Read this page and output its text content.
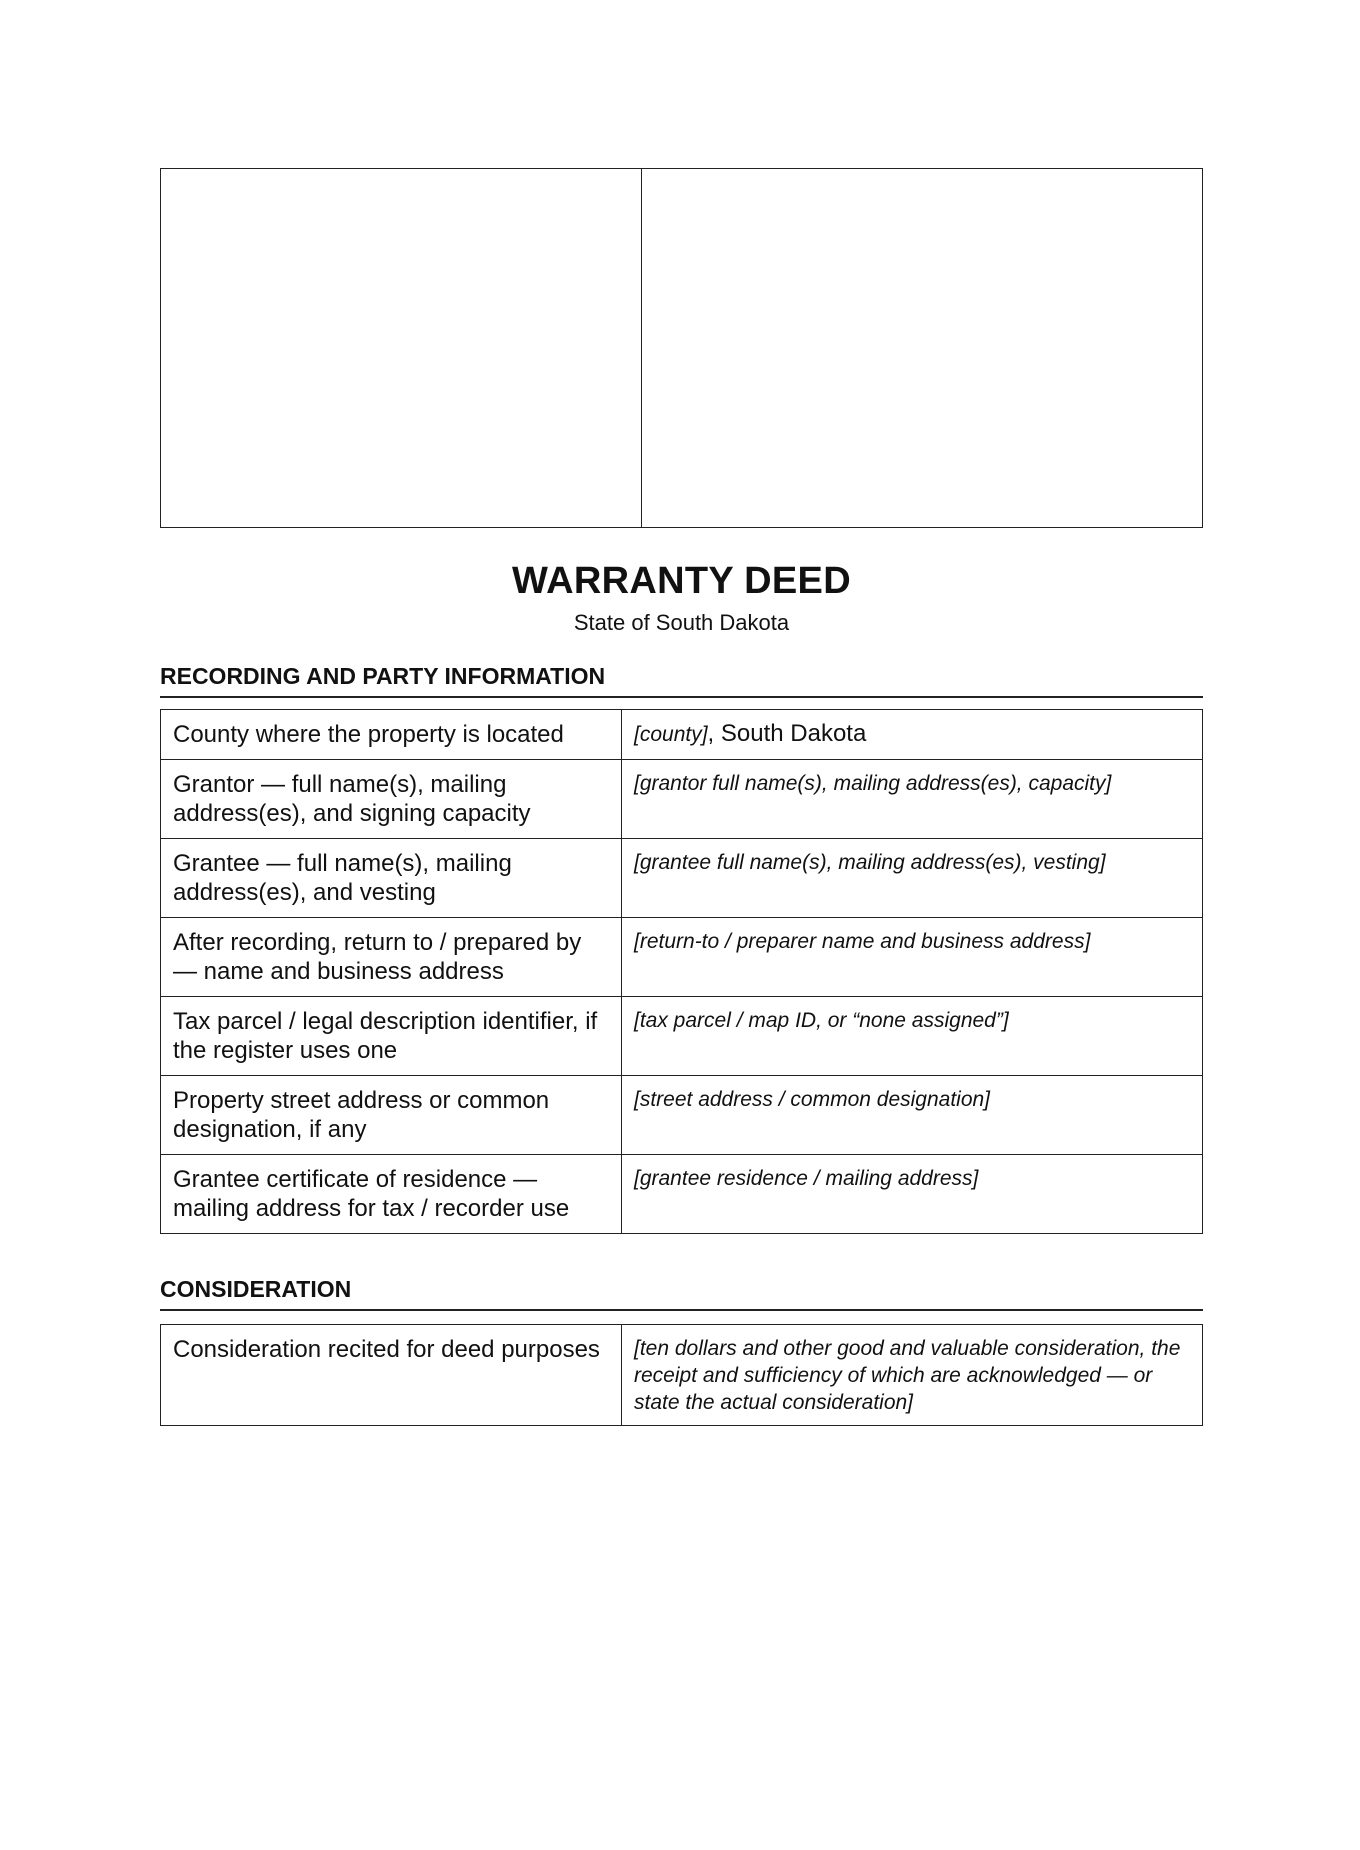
WARRANTY DEED
State of South Dakota
RECORDING AND PARTY INFORMATION
County where the property is located	[county], South Dakota
Grantor — full name(s), mailing address(es), and signing capacity	[grantor full name(s), mailing address(es), capacity]
Grantee — full name(s), mailing address(es), and vesting	[grantee full name(s), mailing address(es), vesting]
After recording, return to / prepared by — name and business address	[return-to / preparer name and business address]
Tax parcel / legal description identifier, if the register uses one	[tax parcel / map ID, or “none assigned”]
Property street address or common designation, if any	[street address / common designation]
Grantee certificate of residence — mailing address for tax / recorder use	[grantee residence / mailing address]
CONSIDERATION
Consideration recited for deed purposes	[ten dollars and other good and valuable consideration, the receipt and sufficiency of which are acknowledged — or state the actual consideration]
